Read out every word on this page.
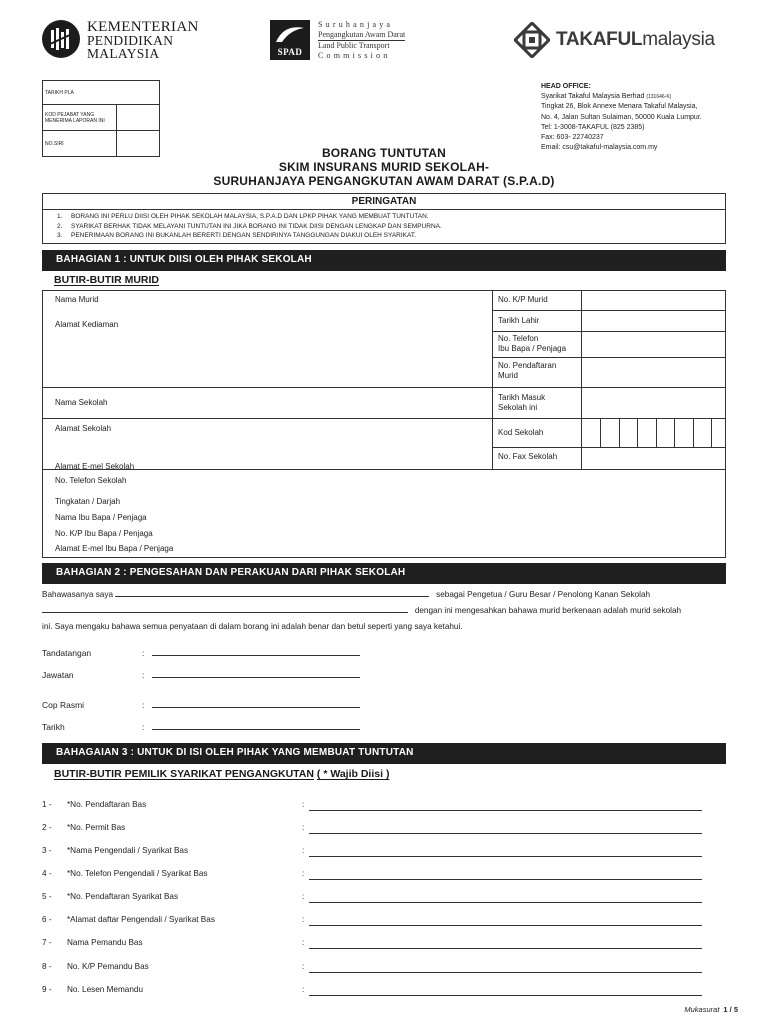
KEMENTERIAN
PENDIDIKAN
MALAYSIA	SPAD
Suruhanjaya
Pengangkutan Awam Darat
Land Public Transport
Commission
TAKAFULmalaysia
TARIKH PLA	
KOD PEJABAT YANG MENERIMA LAPORAN INI	
NO.SIRI	
HEAD OFFICE:
Syarikat Takaful Malaysia Berhad (131646-K)
Tingkat 26, Blok Annexe Menara Takaful Malaysia,
No. 4, Jalan Sultan Sulaiman, 50000 Kuala Lumpur.
Tel: 1-3008-TAKAFUL (825 2385)
Fax: 603- 22740237
Email: csu@takaful-malaysia.com.my
BORANG TUNTUTAN
SKIM INSURANS MURID SEKOLAH-
SURUHANJAYA PENGANGKUTAN AWAM DARAT (S.P.A.D)
PERINGATAN
1. BORANG INI PERLU DIISI OLEH PIHAK SEKOLAH MALAYSIA, S.P.A.D DAN LPKP PIHAK YANG MEMBUAT TUNTUTAN.
2. SYARIKAT BERHAK TIDAK MELAYANI TUNTUTAN INI JIKA BORANG INI TIDAK DIISI DENGAN LENGKAP DAN SEMPURNA.
3. PENERIMAAN BORANG INI BUKANLAH BERERTI DENGAN SENDIRINYA TANGGUNGAN DIAKUI OLEH SYARIKAT.
BAHAGIAN 1 : UNTUK DIISI OLEH PIHAK SEKOLAH
BUTIR-BUTIR MURID
Nama Murid
Alamat Kediaman
Nama Sekolah
Alamat Sekolah
Alamat E-mel Sekolah
No. Telefon Sekolah
Tingkatan / Darjah
Nama Ibu Bapa / Penjaga
No. K/P Ibu Bapa / Penjaga
Alamat E-mel Ibu Bapa / Penjaga
No. K/P Murid
Tarikh Lahir
No. Telefon
Ibu Bapa / Penjaga
No. Pendaftaran
Murid
Tarikh Masuk
Sekolah ini
Kod Sekolah
No. Fax Sekolah
BAHAGIAN 2 : PENGESAHAN DAN PERAKUAN DARI PIHAK SEKOLAH
Bahawasanya saya	sebagai Pengetua / Guru Besar / Penolong Kanan Sekolah
dengan ini mengesahkan bahawa murid berkenaan adalah murid sekolah
ini. Saya mengaku bahawa semua penyataan di dalam borang ini adalah benar dan betul seperti yang saya ketahui.
Tandatangan	:
Jawatan	:
Cop Rasmi	:
Tarikh	:
BAHAGAIAN 3 : UNTUK DI ISI OLEH PIHAK YANG MEMBUAT TUNTUTAN
BUTIR-BUTIR PEMILIK SYARIKAT PENGANGKUTAN ( * Wajib Diisi )
1 - *No. Pendaftaran Bas	:
2 - *No. Permit Bas	:
3 - *Nama Pengendali / Syarikat Bas	:
4 - *No. Telefon Pengendali / Syarikat Bas	:
5 - *No. Pendaftaran Syarikat Bas	:
6 - *Alamat daftar Pengendali / Syarikat Bas	:
7 - Nama Pemandu Bas	:
8 - No. K/P Pemandu Bas	:
9 - No. Lesen Memandu	:
Mukasurat 1 / 5
